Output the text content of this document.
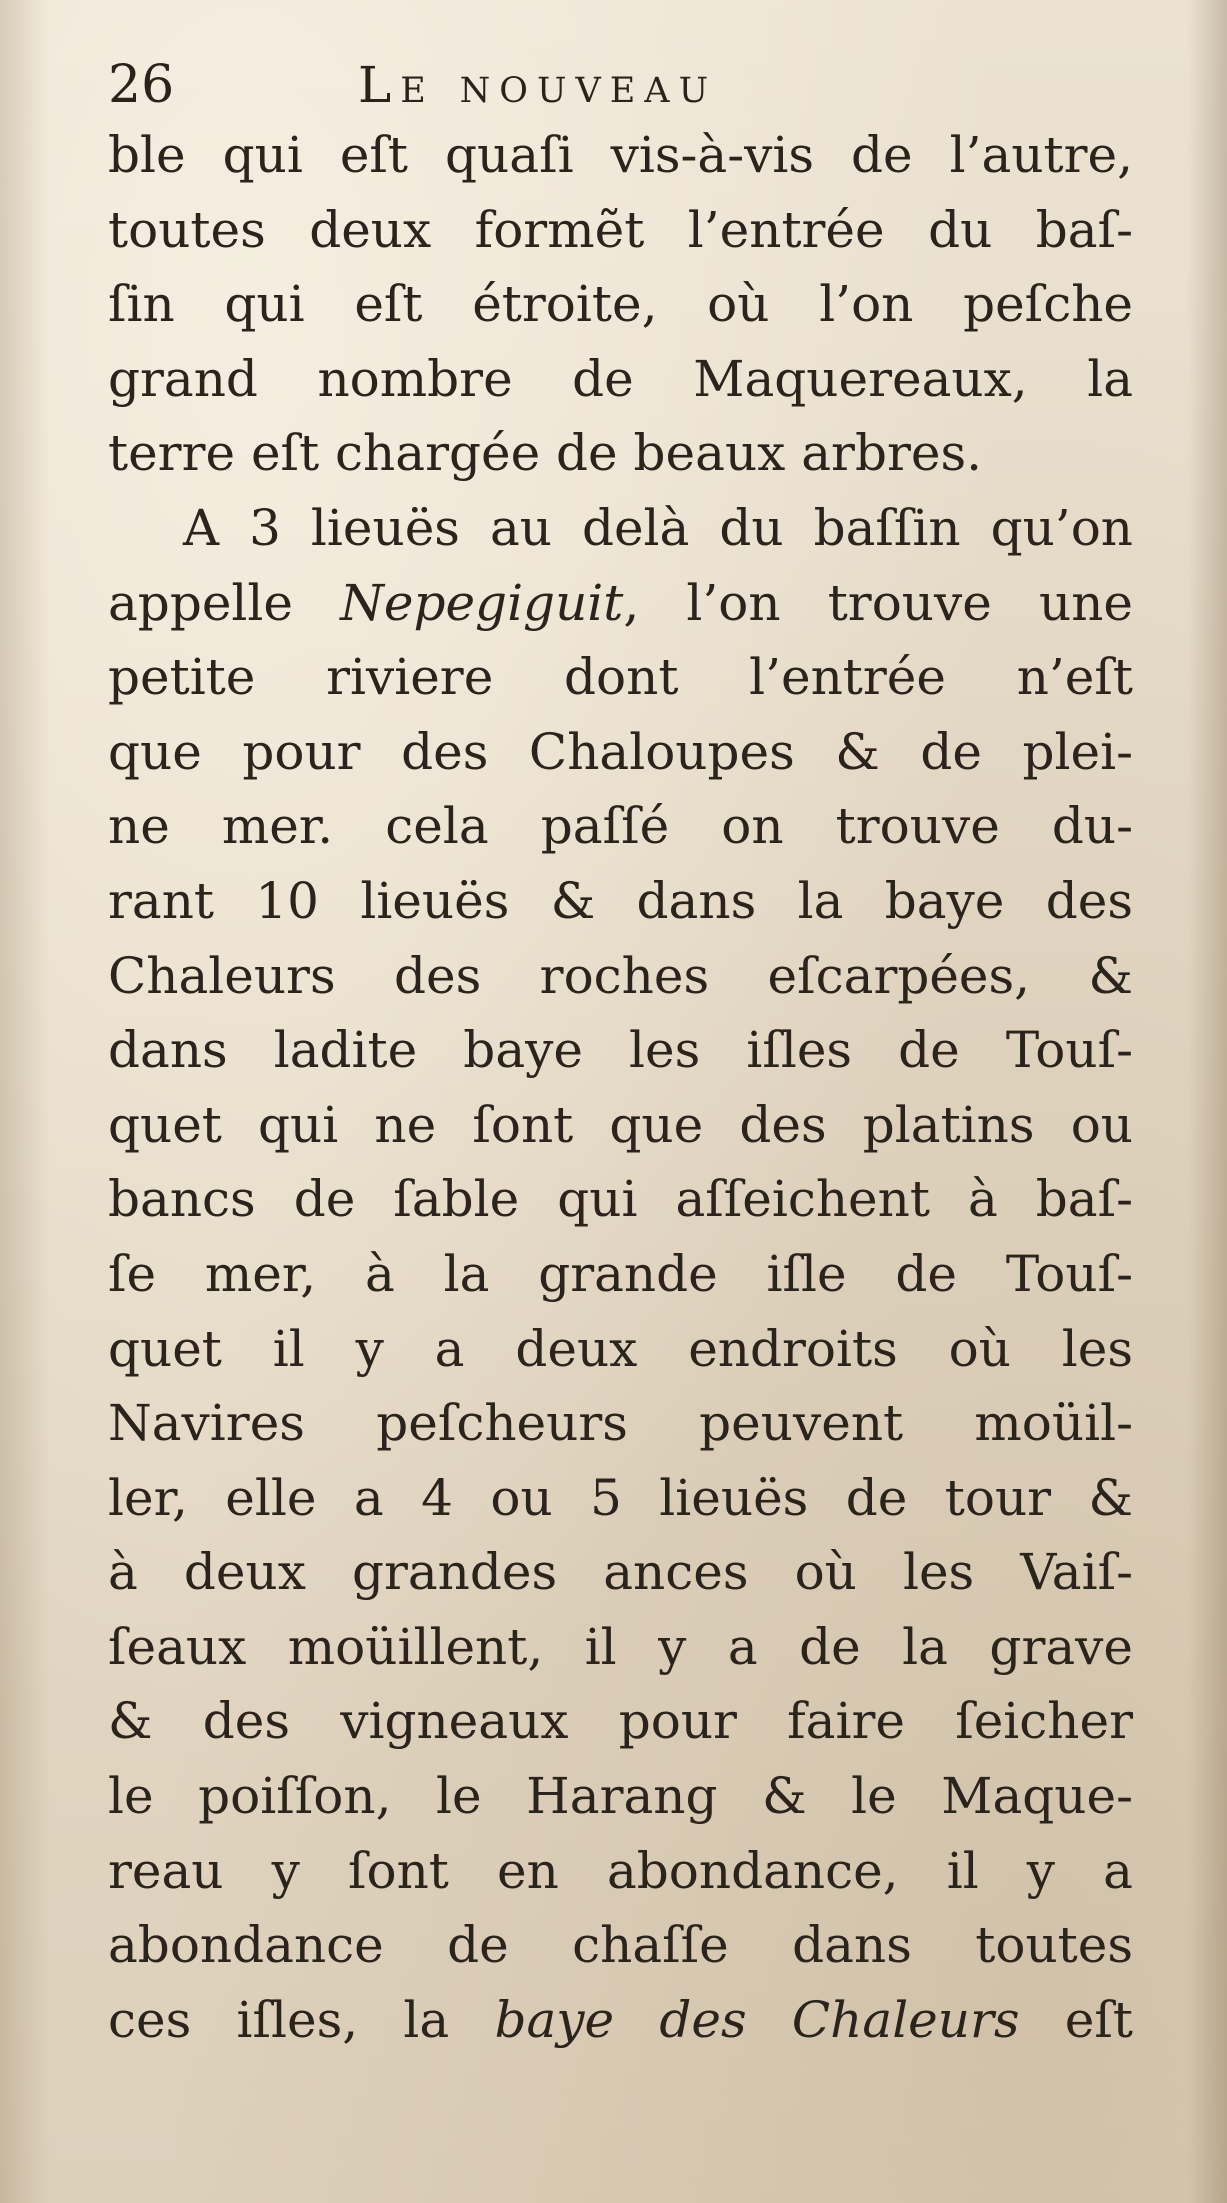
26	Le nouveau
ble qui eſt quaſi vis-à-vis de l’autre,
toutes deux formẽt l’entrée du baſ-
ſin qui eſt étroite, où l’on peſche
grand nombre de Maquereaux, la
terre eſt chargée de beaux arbres.
A 3 lieuës au delà du baſſin qu’on
appelle Nepegiguit, l’on trouve une
petite riviere dont l’entrée n’eſt
que pour des Chaloupes & de plei-
ne mer. cela paſſé on trouve du-
rant 10 lieuës & dans la baye des
Chaleurs des roches eſcarpées, &
dans ladite baye les iſles de Touſ-
quet qui ne ſont que des platins ou
bancs de ſable qui aſſeichent à baſ-
ſe mer, à la grande iſle de Touſ-
quet il y a deux endroits où les
Navires peſcheurs peuvent moüil-
ler, elle a 4 ou 5 lieuës de tour &
à deux grandes ances où les Vaiſ-
ſeaux moüillent, il y a de la grave
& des vigneaux pour faire ſeicher
le poiſſon, le Harang & le Maque-
reau y ſont en abondance, il y a
abondance de chaſſe dans toutes
ces iſles, la baye des Chaleurs eſt
